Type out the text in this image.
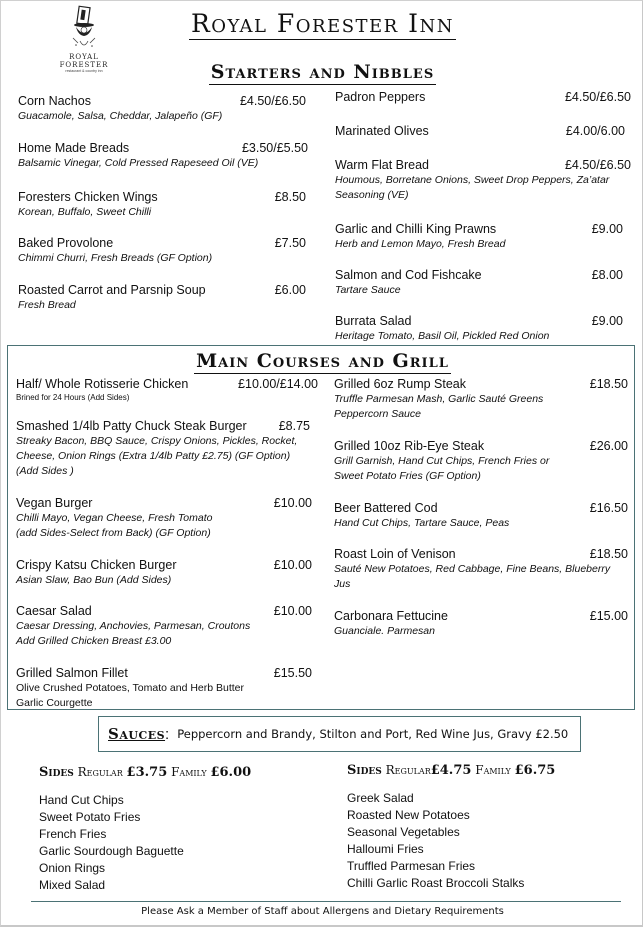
ROYAL
FORESTER
restaurant & country inn
Royal Forester Inn
Starters and Nibbles
Corn Nachos	£4.50/£6.50
Guacamole, Salsa, Cheddar, Jalapeño (GF)
Home Made Breads	£3.50/£5.50
Balsamic Vinegar, Cold Pressed Rapeseed Oil (VE)
Foresters Chicken Wings	£8.50
Korean, Buffalo, Sweet Chilli
Baked Provolone	£7.50
Chimmi Churri, Fresh Breads (GF Option)
Roasted Carrot and Parsnip Soup	£6.00
Fresh Bread
Padron Peppers	£4.50/£6.50
Marinated Olives	£4.00/6.00
Warm Flat Bread	£4.50/£6.50
Houmous, Borretane Onions, Sweet Drop Peppers, Za’atar Seasoning (VE)
Garlic and Chilli King Prawns	£9.00
Herb and Lemon Mayo, Fresh Bread
Salmon and Cod Fishcake	£8.00
Tartare Sauce
Burrata Salad	£9.00
Heritage Tomato, Basil Oil, Pickled Red Onion
Main Courses and Grill
Half/ Whole Rotisserie Chicken	£10.00/£14.00
Brined for 24 Hours (Add Sides)
Smashed 1/4lb Patty Chuck Steak Burger	£8.75
Streaky Bacon, BBQ Sauce, Crispy Onions, Pickles, Rocket, Cheese, Onion Rings (Extra 1/4lb Patty £2.75) (GF Option) (Add Sides )
Vegan Burger	£10.00
Chilli Mayo, Vegan Cheese, Fresh Tomato (add Sides-Select from Back) (GF Option)
Crispy Katsu Chicken Burger	£10.00
Asian Slaw, Bao Bun (Add Sides)
Caesar Salad	£10.00
Caesar Dressing, Anchovies, Parmesan, Croutons
Add Grilled Chicken Breast £3.00
Grilled Salmon Fillet	£15.50
Olive Crushed Potatoes, Tomato and Herb Butter
Garlic Courgette
Grilled 6oz Rump Steak	£18.50
Truffle Parmesan Mash, Garlic Sauté Greens
Peppercorn Sauce
Grilled 10oz Rib-Eye Steak	£26.00
Grill Garnish, Hand Cut Chips, French Fries or Sweet Potato Fries (GF Option)
Beer Battered Cod	£16.50
Hand Cut Chips, Tartare Sauce, Peas
Roast Loin of Venison	£18.50
Sauté New Potatoes, Red Cabbage, Fine Beans, Blueberry Jus
Carbonara Fettucine	£15.00
Guanciale. Parmesan
Sauces : Peppercorn and Brandy, Stilton and Port, Red Wine Jus, Gravy £2.50
Sides Regular £3.75 Family £6.00
Hand Cut Chips
Sweet Potato Fries
French Fries
Garlic Sourdough Baguette
Onion Rings
Mixed Salad
Sides Regular£4.75 Family £6.75
Greek Salad
Roasted New Potatoes
Seasonal Vegetables
Halloumi Fries
Truffled Parmesan Fries
Chilli Garlic Roast Broccoli Stalks
Please Ask a Member of Staff about Allergens and Dietary Requirements
